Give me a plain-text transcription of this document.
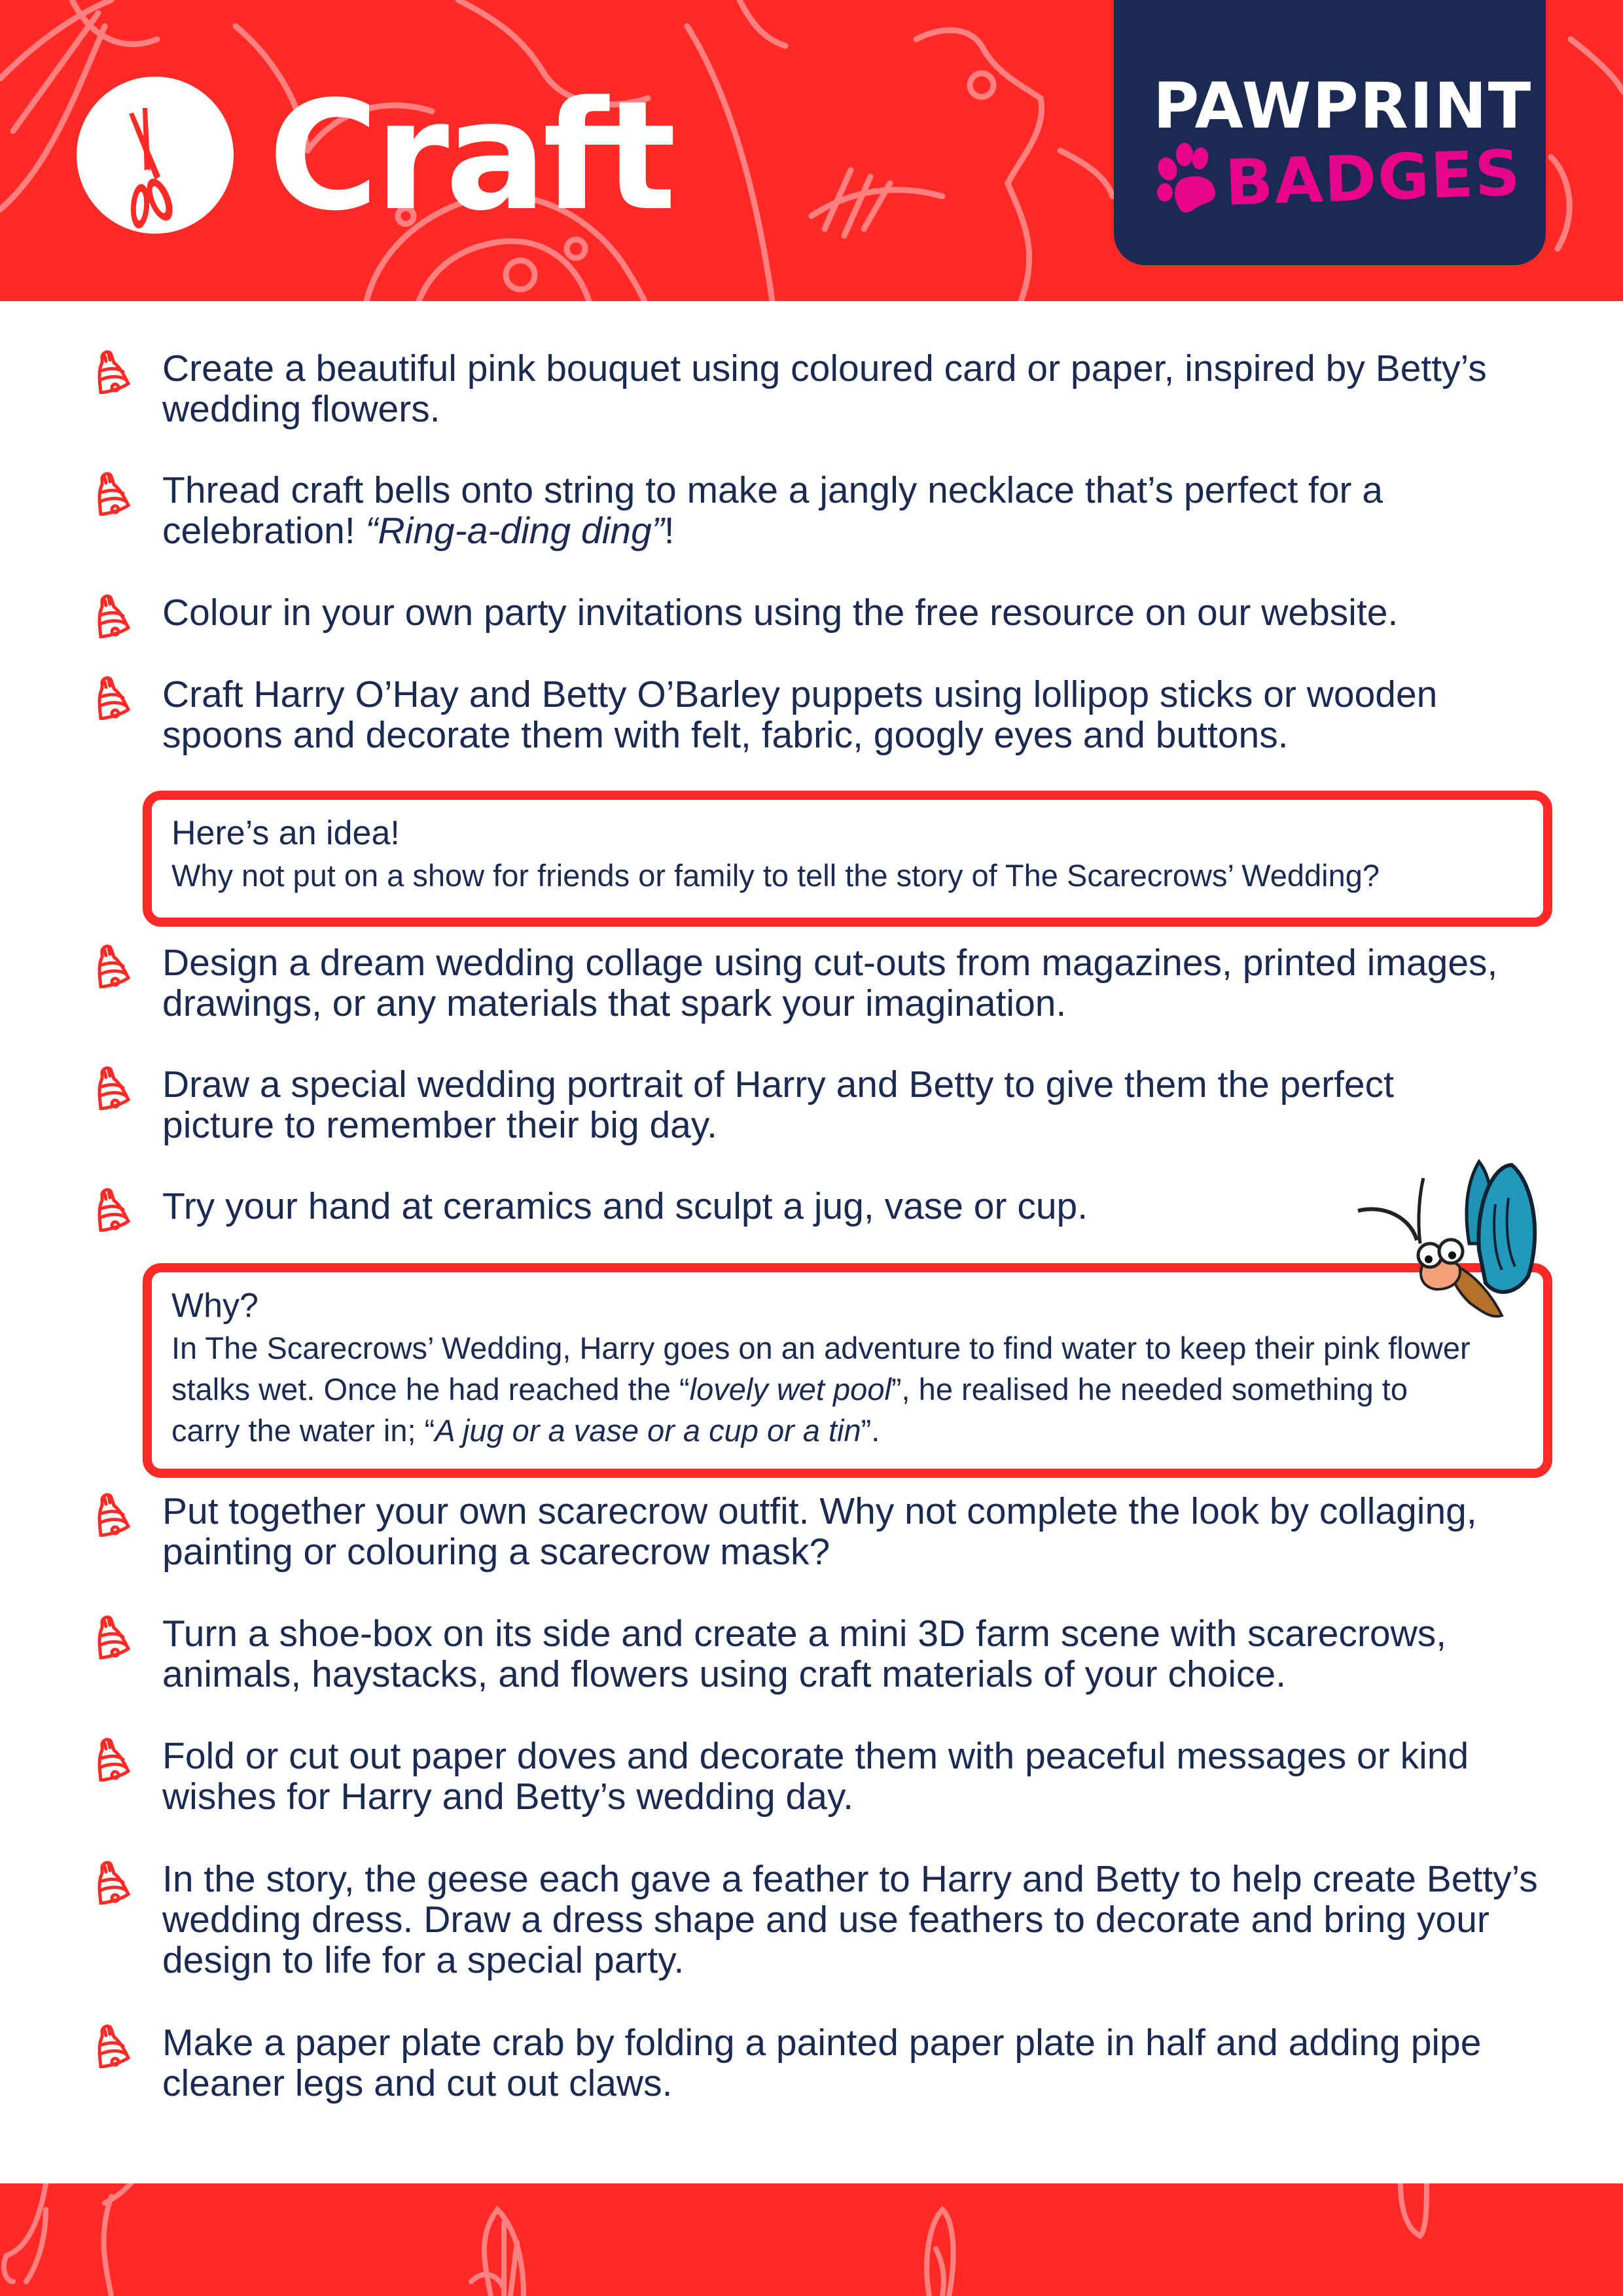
Craft	PAWPRINT
BADGES
Create a beautiful pink bouquet using coloured card or paper, inspired by Betty’s wedding flowers.
Thread craft bells onto string to make a jangly necklace that’s perfect for a celebration! “Ring-a-ding ding”!
Colour in your own party invitations using the free resource on our website.
Craft Harry O’Hay and Betty O’Barley puppets using lollipop sticks or wooden spoons and decorate them with felt, fabric, googly eyes and buttons.
Here’s an idea!
Why not put on a show for friends or family to tell the story of The Scarecrows’ Wedding?
Design a dream wedding collage using cut-outs from magazines, printed images, drawings, or any materials that spark your imagination.
Draw a special wedding portrait of Harry and Betty to give them the perfect picture to remember their big day.
Try your hand at ceramics and sculpt a jug, vase or cup.
Why?
In The Scarecrows’ Wedding, Harry goes on an adventure to find water to keep their pink flower stalks wet. Once he had reached the “lovely wet pool”, he realised he needed something to carry the water in; “A jug or a vase or a cup or a tin”.
Put together your own scarecrow outfit. Why not complete the look by collaging, painting or colouring a scarecrow mask?
Turn a shoe-box on its side and create a mini 3D farm scene with scarecrows, animals, haystacks, and flowers using craft materials of your choice.
Fold or cut out paper doves and decorate them with peaceful messages or kind wishes for Harry and Betty’s wedding day.
In the story, the geese each gave a feather to Harry and Betty to help create Betty’s wedding dress. Draw a dress shape and use feathers to decorate and bring your design to life for a special party.
Make a paper plate crab by folding a painted paper plate in half and adding pipe cleaner legs and cut out claws.
